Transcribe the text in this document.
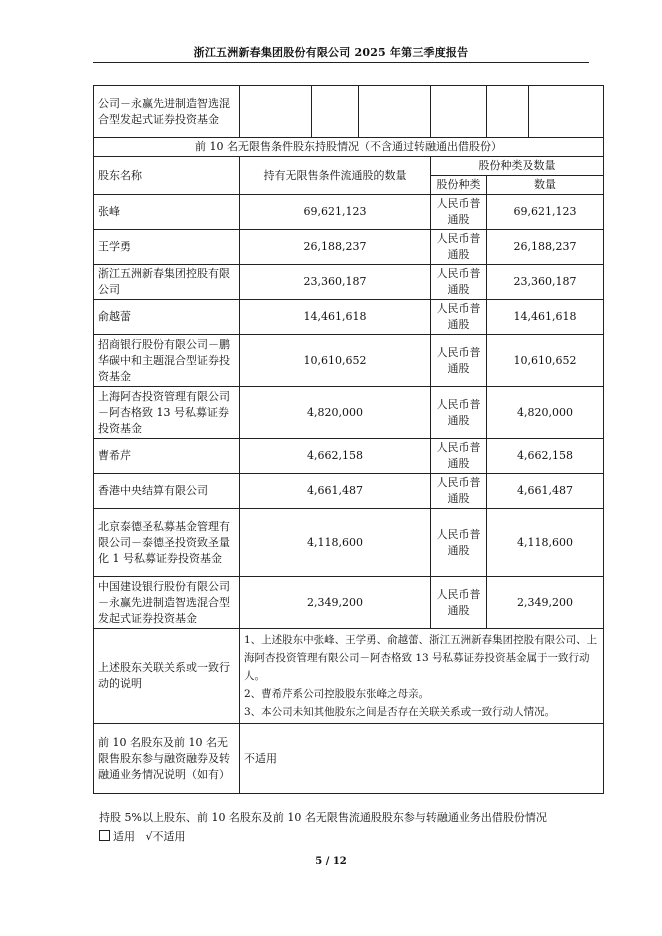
浙江五洲新春集团股份有限公司 2025 年第三季度报告
公司－永赢先进制造智选混合型发起式证券投资基金						
前 10 名无限售条件股东持股情况（不含通过转融通出借股份）						
股东名称	持有无限售条件流通股的数量			股份种类及数量		
				股份种类	数量	
张峰	69,621,123			人民币普通股	69,621,123	
王学勇	26,188,237			人民币普通股	26,188,237	
浙江五洲新春集团控股有限公司	23,360,187			人民币普通股	23,360,187	
俞越蕾	14,461,618			人民币普通股	14,461,618	
招商银行股份有限公司－鹏华碳中和主题混合型证券投资基金	10,610,652			人民币普通股	10,610,652	
上海阿杏投资管理有限公司－阿杏格致 13 号私募证券投资基金	4,820,000			人民币普通股	4,820,000	
曹希芹	4,662,158			人民币普通股	4,662,158	
香港中央结算有限公司	4,661,487			人民币普通股	4,661,487	
北京泰德圣私募基金管理有限公司－泰德圣投资致圣量化 1 号私募证券投资基金	4,118,600			人民币普通股	4,118,600	
中国建设银行股份有限公司－永赢先进制造智选混合型发起式证券投资基金	2,349,200			人民币普通股	2,349,200	
上述股东关联关系或一致行动的说明	1、上述股东中张峰、王学勇、俞越蕾、浙江五洲新春集团控股有限公司、上海阿杏投资管理有限公司－阿杏格致 13 号私募证券投资基金属于一致行动人。
2、曹希芹系公司控股股东张峰之母亲。
3、本公司未知其他股东之间是否存在关联关系或一致行动人情况。					

前 10 名股东及前 10 名无限售股东参与融资融券及转融通业务情况说明（如有）	不适用					
持股 5%以上股东、前 10 名股东及前 10 名无限售流通股股东参与转融通业务出借股份情况
适用 √不适用
5 / 12
